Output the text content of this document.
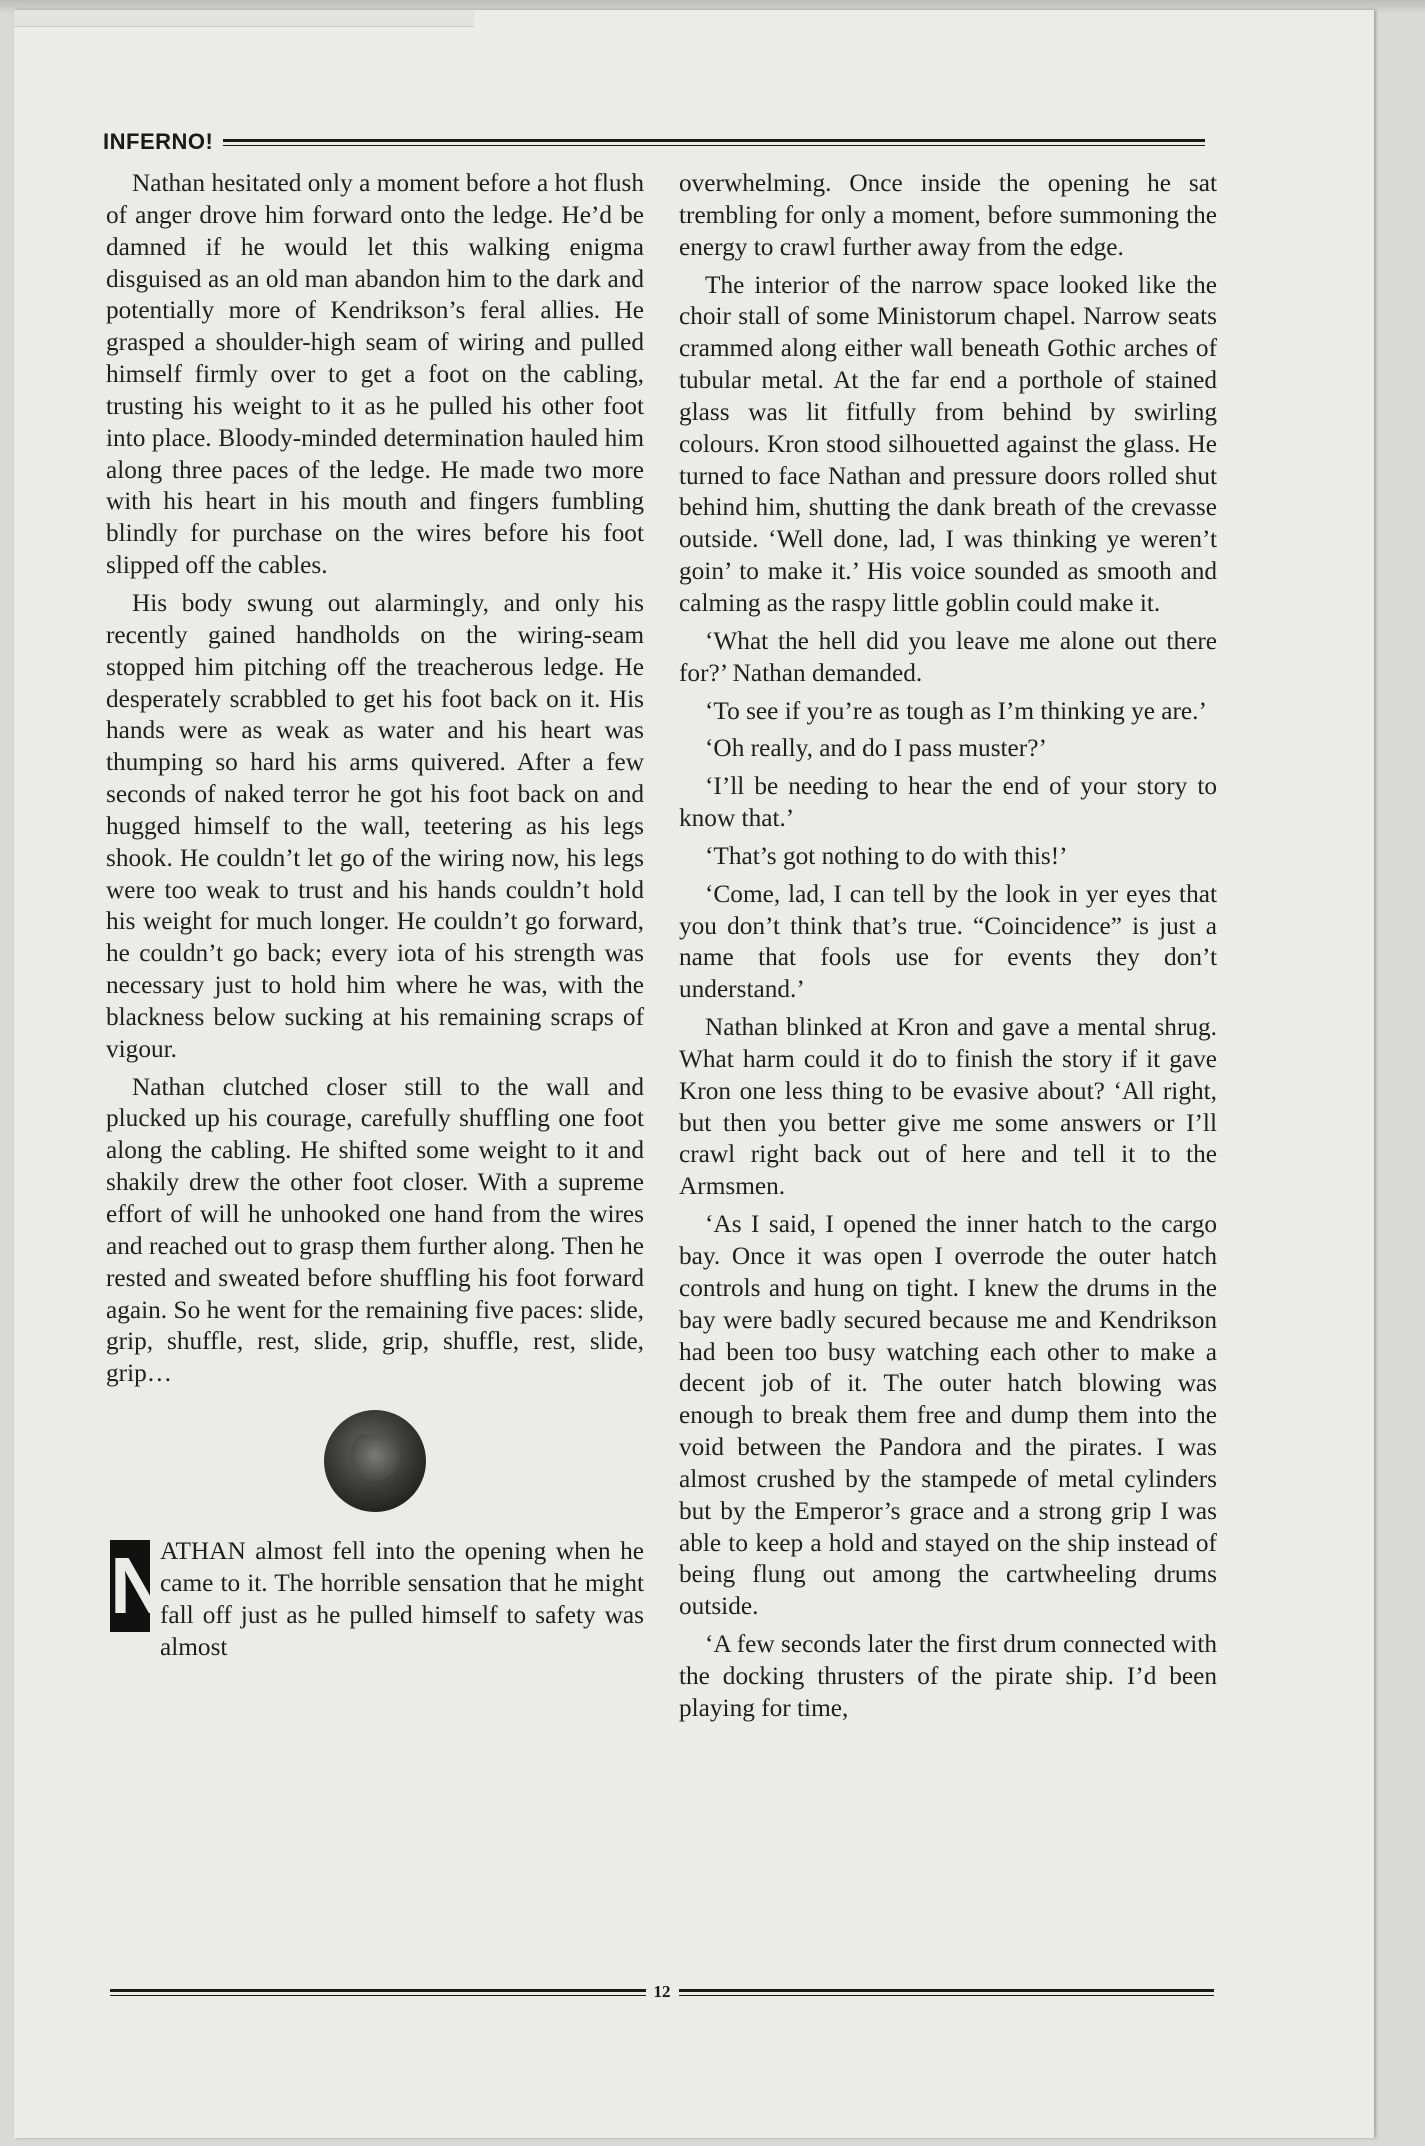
INFERNO!

Nathan hesitated only a moment before a hot flush of anger drove him forward onto the ledge. He’d be damned if he would let this walking enigma disguised as an old man abandon him to the dark and potentially more of Kendrikson’s feral allies. He grasped a shoulder-high seam of wiring and pulled himself firmly over to get a foot on the cabling, trusting his weight to it as he pulled his other foot into place. Bloody-minded determination hauled him along three paces of the ledge. He made two more with his heart in his mouth and fingers fumbling blindly for purchase on the wires before his foot slipped off the cables.

His body swung out alarmingly, and only his recently gained handholds on the wiring-seam stopped him pitching off the treacherous ledge. He desperately scrabbled to get his foot back on it. His hands were as weak as water and his heart was thumping so hard his arms quivered. After a few seconds of naked terror he got his foot back on and hugged himself to the wall, teetering as his legs shook. He couldn’t let go of the wiring now, his legs were too weak to trust and his hands couldn’t hold his weight for much longer. He couldn’t go forward, he couldn’t go back; every iota of his strength was necessary just to hold him where he was, with the blackness below sucking at his remaining scraps of vigour.

Nathan clutched closer still to the wall and plucked up his courage, carefully shuffling one foot along the cabling. He shifted some weight to it and shakily drew the other foot closer. With a supreme effort of will he unhooked one hand from the wires and reached out to grasp them further along. Then he rested and sweated before shuffling his foot forward again. So he went for the remaining five paces: slide, grip, shuffle, rest, slide, grip, shuffle, rest, slide, grip…

N
ATHAN almost fell into the opening when he came to it. The horrible sensation that he might fall off just as he pulled himself to safety was almost

overwhelming. Once inside the opening he sat trembling for only a moment, before summoning the energy to crawl further away from the edge.

The interior of the narrow space looked like the choir stall of some Ministorum chapel. Narrow seats crammed along either wall beneath Gothic arches of tubular metal. At the far end a porthole of stained glass was lit fitfully from behind by swirling colours. Kron stood silhouetted against the glass. He turned to face Nathan and pressure doors rolled shut behind him, shutting the dank breath of the crevasse outside. ‘Well done, lad, I was thinking ye weren’t goin’ to make it.’ His voice sounded as smooth and calming as the raspy little goblin could make it.

‘What the hell did you leave me alone out there for?’ Nathan demanded.

‘To see if you’re as tough as I’m thinking ye are.’

‘Oh really, and do I pass muster?’

‘I’ll be needing to hear the end of your story to know that.’

‘That’s got nothing to do with this!’

‘Come, lad, I can tell by the look in yer eyes that you don’t think that’s true. “Coincidence” is just a name that fools use for events they don’t understand.’

Nathan blinked at Kron and gave a mental shrug. What harm could it do to finish the story if it gave Kron one less thing to be evasive about? ‘All right, but then you better give me some answers or I’ll crawl right back out of here and tell it to the Armsmen.

‘As I said, I opened the inner hatch to the cargo bay. Once it was open I overrode the outer hatch controls and hung on tight. I knew the drums in the bay were badly secured because me and Kendrikson had been too busy watching each other to make a decent job of it. The outer hatch blowing was enough to break them free and dump them into the void between the Pandora and the pirates. I was almost crushed by the stampede of metal cylinders but by the Emperor’s grace and a strong grip I was able to keep a hold and stayed on the ship instead of being flung out among the cartwheeling drums outside.

‘A few seconds later the first drum connected with the docking thrusters of the pirate ship. I’d been playing for time,

12
